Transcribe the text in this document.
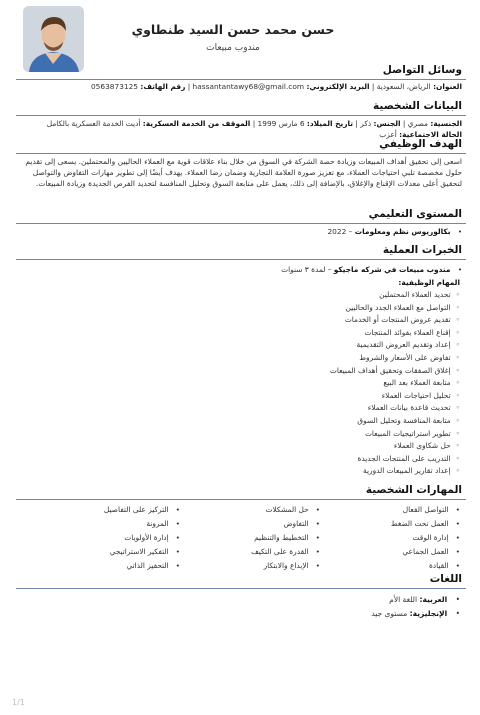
حسن محمد حسن السيد طنطاوي
مندوب مبيعات
وسائل التواصل
العنوان: الرياض، السعودية | البريد الإلكتروني: hassantantawy68@gmail.com | رقم الهاتف: 0563873125
البيانات الشخصية
الجنسية: مصري | الجنس: ذكر | تاريخ الميلاد: 6 مارس 1999 | الموقف من الخدمة العسكرية: أديت الخدمة العسكرية بالكامل
الحالة الاجتماعية: أعزب
الهدف الوظيفي
اسعى إلى تحقيق أهداف المبيعات وزيادة حصة الشركة في السوق من خلال بناء علاقات قوية مع العملاء الحاليين والمحتملين. يسعى إلى تقديم حلول مخصصة تلبي احتياجات العملاء، مع تعزيز صورة العلامة التجارية وضمان رضا العملاء. يهدف أيضًا إلى تطوير مهارات التفاوض والتواصل لتحقيق أعلى معدلات الإقناع والإغلاق، بالإضافة إلى ذلك، يعمل على متابعة السوق وتحليل المنافسة لتحديد الفرص الجديدة وزيادة المبيعات.
المستوى التعليمي
• بكالوريوس نظم ومعلومات – 2022
الخبرات العملية
• مندوب مبيعات في شركه ماجيكو – لمدة ٣ سنوات
المهام الوظيفية:
◦ تحديد العملاء المحتملين
◦ التواصل مع العملاء الجدد والحاليين
◦ تقديم عروض المنتجات أو الخدمات
◦ إقناع العملاء بفوائد المنتجات
◦ إعداد وتقديم العروض التقديمية
◦ تفاوض على الأسعار والشروط
◦ إغلاق الصفقات وتحقيق أهداف المبيعات
◦ متابعة العملاء بعد البيع
◦ تحليل احتياجات العملاء
◦ تحديث قاعدة بيانات العملاء
◦ متابعة المنافسة وتحليل السوق
◦ تطوير استراتيجيات المبيعات
◦ حل شكاوى العملاء
◦ التدريب على المنتجات الجديدة
◦ إعداد تقارير المبيعات الدورية
المهارات الشخصية
• التواصل الفعال
• العمل تحت الضغط
• إدارة الوقت
• العمل الجماعي
• القيادة
• حل المشكلات
• التفاوض
• التخطيط والتنظيم
• القدرة على التكيف
• الإبداع والابتكار
• التركيز على التفاصيل
• المرونة
• إدارة الأولويات
• التفكير الاستراتيجي
• التحفيز الذاتي
اللغات
• العربية: اللغة الأم
• الإنجليزية: مستوى جيد
1/1
